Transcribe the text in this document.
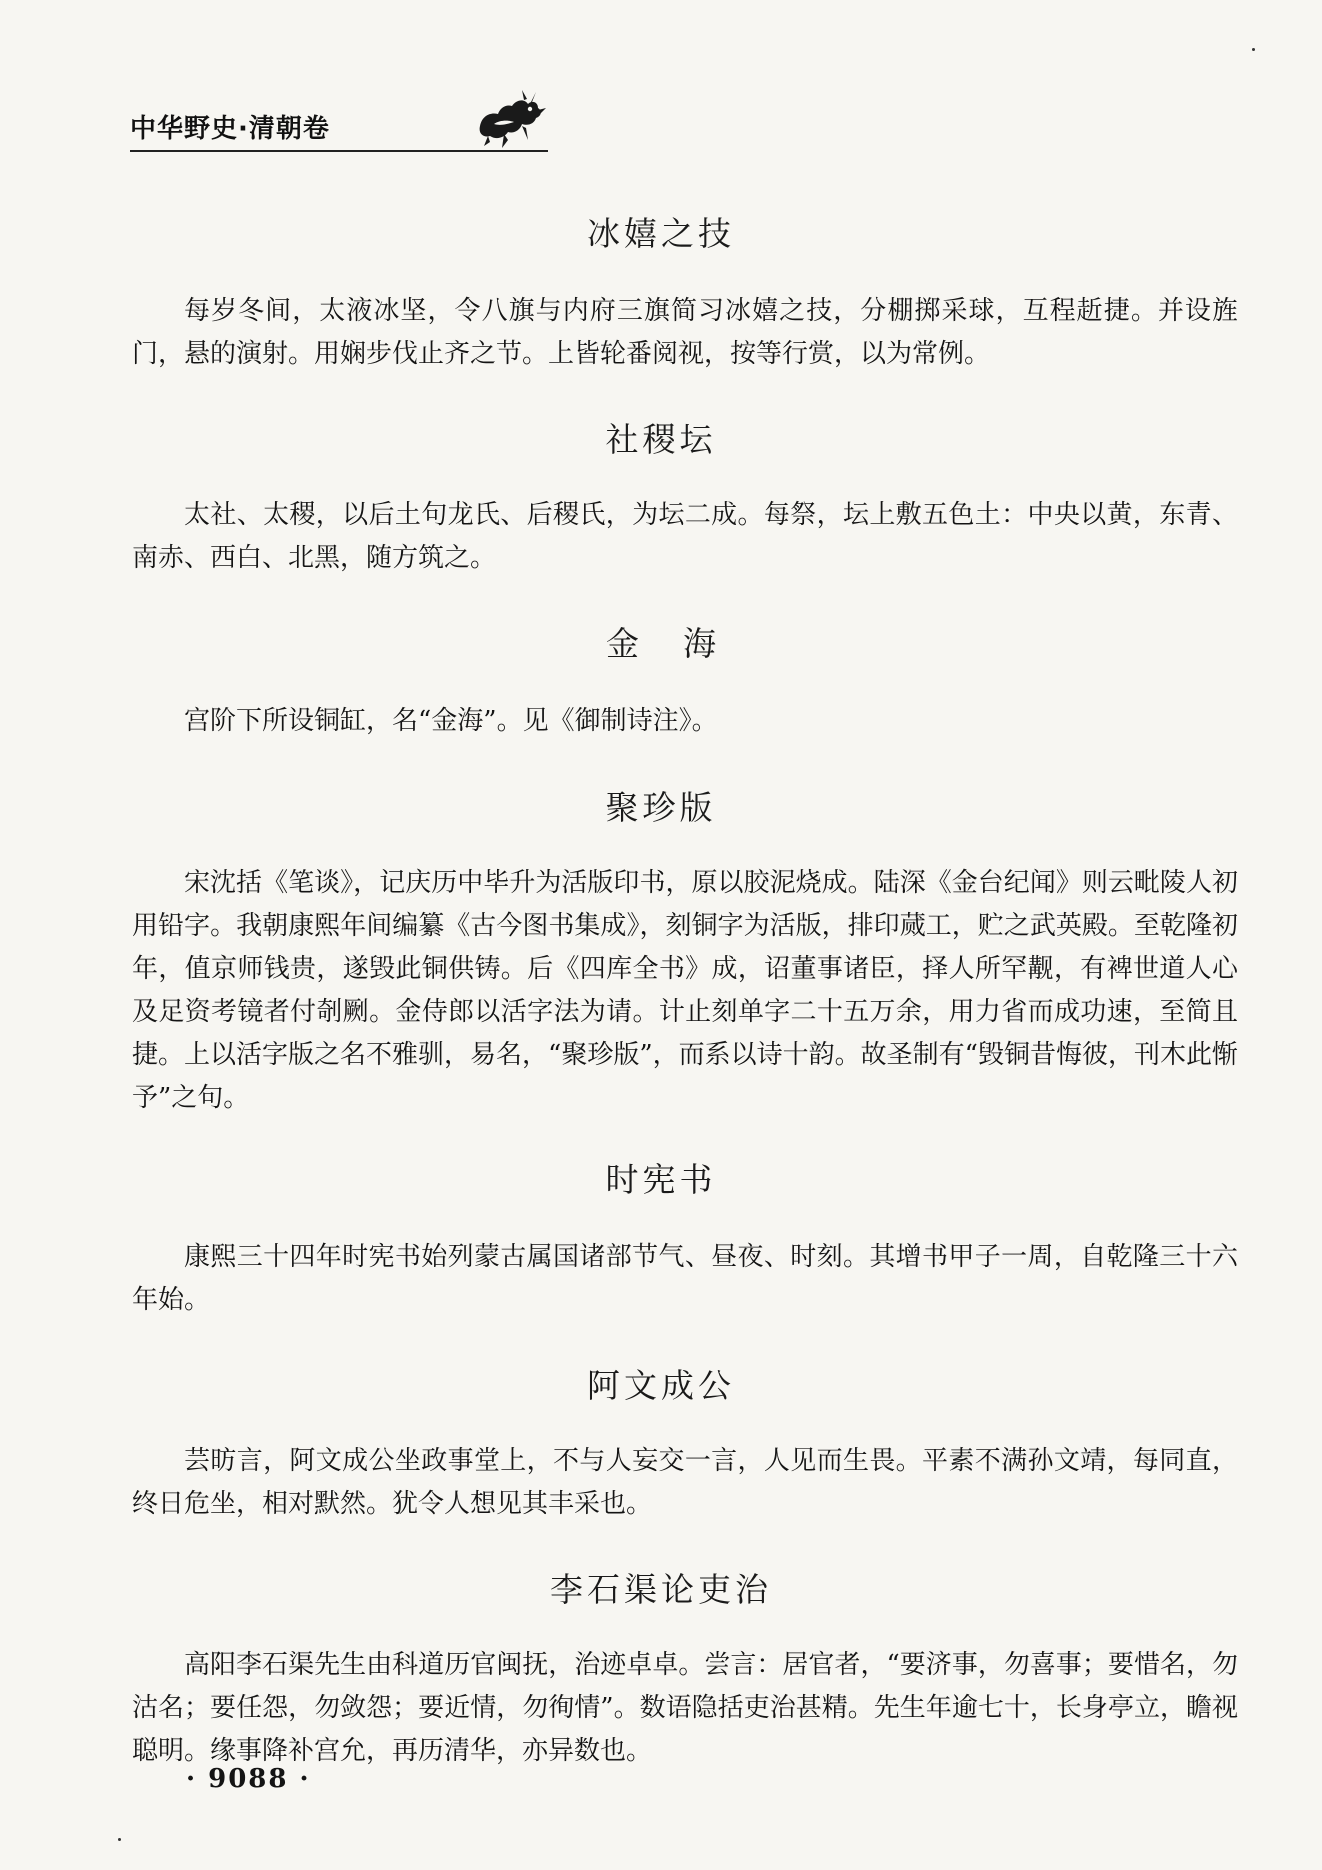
中华野史·清朝卷
冰嬉之技
每岁冬间，太液冰坚，令八旗与内府三旗简习冰嬉之技，分棚掷采球，互程赾捷。并设旌门，悬的演射。用娴步伐止齐之节。上皆轮番阅视，按等行赏，以为常例。
社稷坛
太社、太稷，以后土句龙氏、后稷氏，为坛二成。每祭，坛上敷五色土：中央以黄，东青、南赤、西白、北黑，随方筑之。
金海
宫阶下所设铜缸，名“金海”。见《御制诗注》。
聚珍版
宋沈括《笔谈》，记庆历中毕升为活版印书，原以胶泥烧成。陆深《金台纪闻》则云毗陵人初用铅字。我朝康熙年间编纂《古今图书集成》，刻铜字为活版，排印蒇工，贮之武英殿。至乾隆初年，值京师钱贵，遂毁此铜供铸。后《四库全书》成，诏董事诸臣，择人所罕觏，有裨世道人心及足资考镜者付剞劂。金侍郎以活字法为请。计止刻单字二十五万余，用力省而成功速，至简且捷。上以活字版之名不雅驯，易名，“聚珍版”，而系以诗十韵。故圣制有“毁铜昔悔彼，刊木此惭予”之句。
时宪书
康熙三十四年时宪书始列蒙古属国诸部节气、昼夜、时刻。其增书甲子一周，自乾隆三十六年始。
阿文成公
芸昉言，阿文成公坐政事堂上，不与人妄交一言，人见而生畏。平素不满孙文靖，每同直，终日危坐，相对默然。犹令人想见其丰采也。
李石渠论吏治
高阳李石渠先生由科道历官闽抚，治迹卓卓。尝言：居官者，“要济事，勿喜事；要惜名，勿沽名；要任怨，勿敛怨；要近情，勿徇情”。数语隐括吏治甚精。先生年逾七十，长身亭立，瞻视聪明。缘事降补宫允，再历清华，亦异数也。
· 9088 ·
